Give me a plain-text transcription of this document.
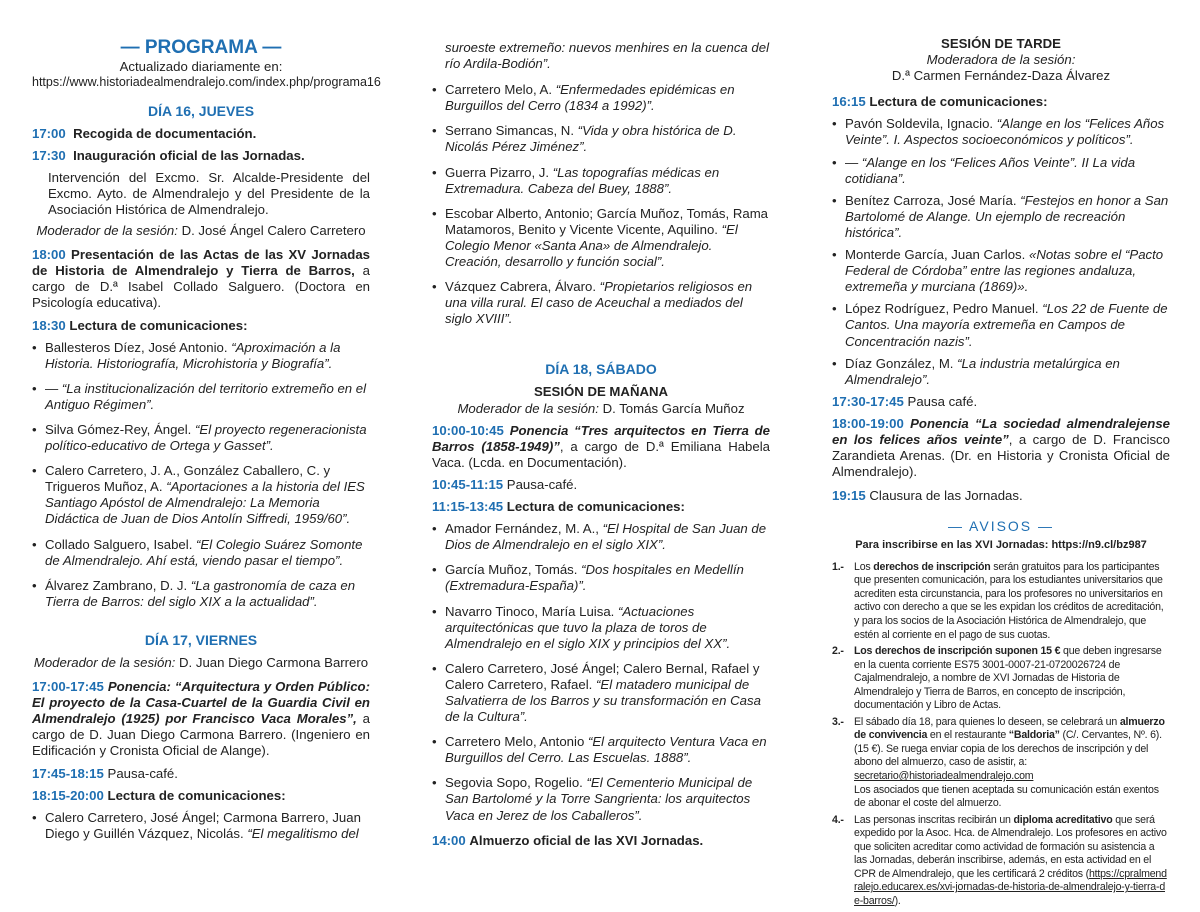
— PROGRAMA —
Actualizado diariamente en:
https://www.historiadealmendralejo.com/index.php/programa16
DÍA 16, JUEVES
17:00 Recogida de documentación.
17:30 Inauguración oficial de las Jornadas.
Intervención del Excmo. Sr. Alcalde-Presidente del Excmo. Ayto. de Almendralejo y del Presidente de la Asociación Histórica de Almendralejo.
Moderador de la sesión: D. José Ángel Calero Carretero
18:00 Presentación de las Actas de las XV Jornadas de Historia de Almendralejo y Tierra de Barros, a cargo de D.ª Isabel Collado Salguero. (Doctora en Psicología educativa).
18:30 Lectura de comunicaciones:
• Ballesteros Díez, José Antonio. “Aproximación a la Historia. Historiografía, Microhistoria y Biografía”.
• — “La institucionalización del territorio extremeño en el Antiguo Régimen”.
• Silva Gómez-Rey, Ángel. “El proyecto regeneracionista político-educativo de Ortega y Gasset”.
• Calero Carretero, J. A., González Caballero, C. y Trigueros Muñoz, A. “Aportaciones a la historia del IES Santiago Apóstol de Almendralejo: La Memoria Didáctica de Juan de Dios Antolín Siffredi, 1959/60”.
• Collado Salguero, Isabel. “El Colegio Suárez Somonte de Almendralejo. Ahí está, viendo pasar el tiempo”.
• Álvarez Zambrano, D. J. “La gastronomía de caza en Tierra de Barros: del siglo XIX a la actualidad”.
DÍA 17, VIERNES
Moderador de la sesión: D. Juan Diego Carmona Barrero
17:00-17:45 Ponencia: “Arquitectura y Orden Público: El proyecto de la Casa-Cuartel de la Guardia Civil en Almendralejo (1925) por Francisco Vaca Morales”, a cargo de D. Juan Diego Carmona Barrero. (Ingeniero en Edificación y Cronista Oficial de Alange).
17:45-18:15 Pausa-café.
18:15-20:00 Lectura de comunicaciones:
• Calero Carretero, José Ángel; Carmona Barrero, Juan Diego y Guillén Vázquez, Nicolás. “El megalitismo del
suroeste extremeño: nuevos menhires en la cuenca del río Ardila-Bodión”.
• Carretero Melo, A. “Enfermedades epidémicas en Burguillos del Cerro (1834 a 1992)”.
• Serrano Simancas, N. “Vida y obra histórica de D. Nicolás Pérez Jiménez”.
• Guerra Pizarro, J. “Las topografías médicas en Extremadura. Cabeza del Buey, 1888”.
• Escobar Alberto, Antonio; García Muñoz, Tomás, Rama Matamoros, Benito y Vicente Vicente, Aquilino. “El Colegio Menor «Santa Ana» de Almendralejo. Creación, desarrollo y función social”.
• Vázquez Cabrera, Álvaro. “Propietarios religiosos en una villa rural. El caso de Aceuchal a mediados del siglo XVIII”.
DÍA 18, SÁBADO
SESIÓN DE MAÑANA
Moderador de la sesión: D. Tomás García Muñoz
10:00-10:45 Ponencia “Tres arquitectos en Tierra de Barros (1858-1949)”, a cargo de D.ª Emiliana Habela Vaca. (Lcda. en Documentación).
10:45-11:15 Pausa-café.
11:15-13:45 Lectura de comunicaciones:
• Amador Fernández, M. A., “El Hospital de San Juan de Dios de Almendralejo en el siglo XIX”.
• García Muñoz, Tomás. “Dos hospitales en Medellín (Extremadura-España)”.
• Navarro Tinoco, María Luisa. “Actuaciones arquitectónicas que tuvo la plaza de toros de Almendralejo en el siglo XIX y principios del XX”.
• Calero Carretero, José Ángel; Calero Bernal, Rafael y Calero Carretero, Rafael. “El matadero municipal de Salvatierra de los Barros y su transformación en Casa de la Cultura”.
• Carretero Melo, Antonio “El arquitecto Ventura Vaca en Burguillos del Cerro. Las Escuelas. 1888”.
• Segovia Sopo, Rogelio. “El Cementerio Municipal de San Bartolomé y la Torre Sangrienta: los arquitectos Vaca en Jerez de los Caballeros”.
14:00 Almuerzo oficial de las XVI Jornadas.
SESIÓN DE TARDE
Moderadora de la sesión:
D.ª Carmen Fernández-Daza Álvarez
16:15 Lectura de comunicaciones:
• Pavón Soldevila, Ignacio. “Alange en los “Felices Años Veinte”. I. Aspectos socioeconómicos y políticos”.
• — “Alange en los “Felices Años Veinte”. II La vida cotidiana”.
• Benítez Carroza, José María. “Festejos en honor a San Bartolomé de Alange. Un ejemplo de recreación histórica”.
• Monterde García, Juan Carlos. «Notas sobre el “Pacto Federal de Córdoba” entre las regiones andaluza, extremeña y murciana (1869)».
• López Rodríguez, Pedro Manuel. “Los 22 de Fuente de Cantos. Una mayoría extremeña en Campos de Concentración nazis”.
• Díaz González, M. “La industria metalúrgica en Almendralejo”.
17:30-17:45 Pausa café.
18:00-19:00 Ponencia “La sociedad almendralejense en los felices años veinte”, a cargo de D. Francisco Zarandieta Arenas. (Dr. en Historia y Cronista Oficial de Almendralejo).
19:15 Clausura de las Jornadas.
— AVISOS —
Para inscribirse en las XVI Jornadas: https://n9.cl/bz987
1.- Los derechos de inscripción serán gratuitos para los participantes que presenten comunicación, para los estudiantes universitarios que acrediten esta circunstancia, para los profesores no universitarios en activo con derecho a que se les expidan los créditos de acreditación, y para los socios de la Asociación Histórica de Almendralejo, que estén al corriente en el pago de sus cuotas.
2.- Los derechos de inscripción suponen 15 € que deben ingresarse en la cuenta corriente ES75 3001-0007-21-0720026724 de Cajalmendralejo, a nombre de XVI Jornadas de Historia de Almendralejo y Tierra de Barros, en concepto de inscripción, documentación y Libro de Actas.
3.- El sábado día 18, para quienes lo deseen, se celebrará un almuerzo de convivencia en el restaurante “Baldoria” (C/. Cervantes, Nº. 6). (15 €). Se ruega enviar copia de los derechos de inscripción y del abono del almuerzo, caso de asistir, a: secretario@historiadealmendralejo.com
Los asociados que tienen aceptada su comunicación están exentos de abonar el coste del almuerzo.
4.- Las personas inscritas recibirán un diploma acreditativo que será expedido por la Asoc. Hca. de Almendralejo. Los profesores en activo que soliciten acreditar como actividad de formación su asistencia a las Jornadas, deberán inscribirse, además, en esta actividad en el CPR de Almendralejo, que les certificará 2 créditos (https://cpralmendralejo.educarex.es/xvi-jornadas-de-historia-de-almendralejo-y-tierra-de-barros/).
